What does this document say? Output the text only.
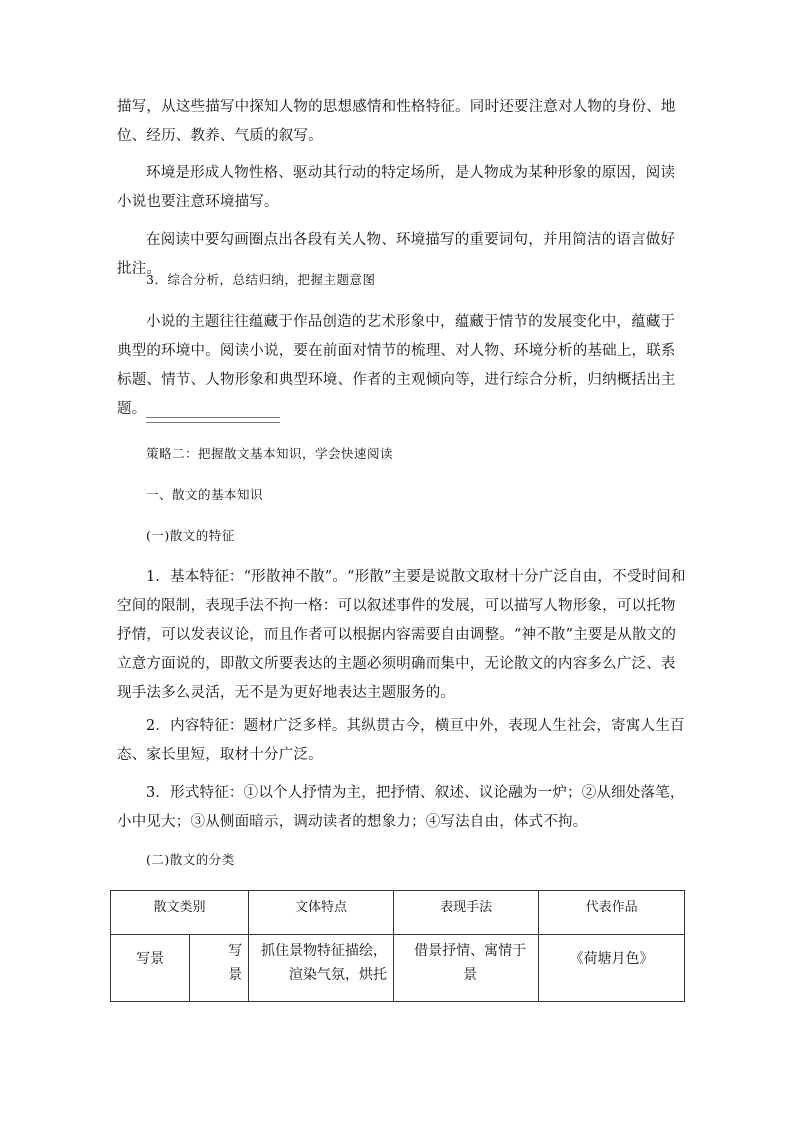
描写，从这些描写中探知人物的思想感情和性格特征。同时还要注意对人物的身份、地位、经历、教养、气质的叙写。

环境是形成人物性格、驱动其行动的特定场所，是人物成为某种形象的原因，阅读小说也要注意环境描写。

在阅读中要勾画圈点出各段有关人物、环境描写的重要词句，并用简洁的语言做好批注。

3．综合分析，总结归纳，把握主题意图

小说的主题往往蕴藏于作品创造的艺术形象中，蕴藏于情节的发展变化中，蕴藏于典型的环境中。阅读小说，要在前面对情节的梳理、对人物、环境分析的基础上，联系标题、情节、人物形象和典型环境、作者的主观倾向等，进行综合分析，归纳概括出主题。

策略二：把握散文基本知识，学会快速阅读

一、散文的基本知识

(一)散文的特征

1．基本特征：“形散神不散”。“形散”主要是说散文取材十分广泛自由，不受时间和空间的限制，表现手法不拘一格：可以叙述事件的发展，可以描写人物形象，可以托物抒情，可以发表议论，而且作者可以根据内容需要自由调整。“神不散”主要是从散文的立意方面说的，即散文所要表达的主题必须明确而集中，无论散文的内容多么广泛、表现手法多么灵活，无不是为更好地表达主题服务的。

2．内容特征：题材广泛多样。其纵贯古今，横亘中外，表现人生社会，寄寓人生百态、家长里短，取材十分广泛。

3．形式特征：①以个人抒情为主，把抒情、叙述、议论融为一炉；②从细处落笔，小中见大；③从侧面暗示，调动读者的想象力；④写法自由，体式不拘。

(二)散文的分类

散文类别		文体特点	表现手法	代表作品

写景	写景	抓住景物特征描绘，渲染气氛，烘托	借景抒情、寓情于景	《荷塘月色》
